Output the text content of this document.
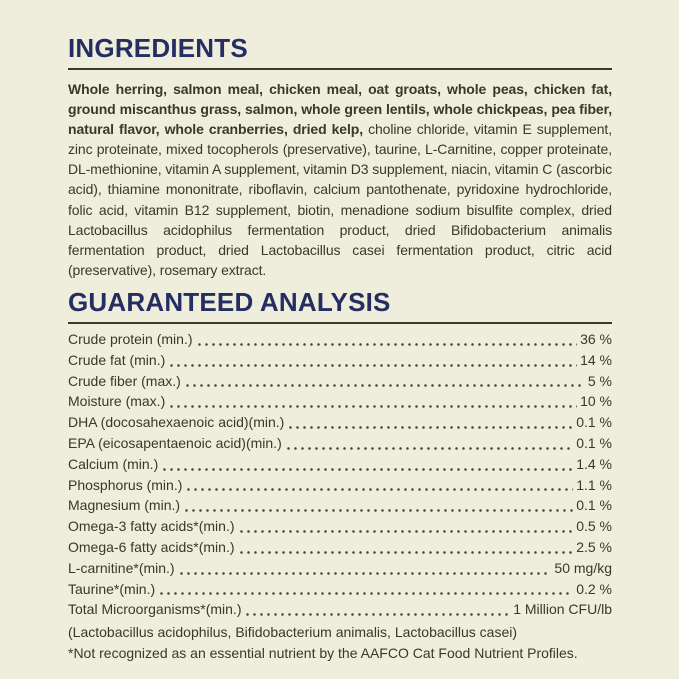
INGREDIENTS

Whole herring, salmon meal, chicken meal, oat groats, whole peas, chicken fat, ground miscanthus grass, salmon, whole green lentils, whole chickpeas, pea fiber, natural flavor, whole cranberries, dried kelp, choline chloride, vitamin E supplement, zinc proteinate, mixed tocopherols (preservative), taurine, L-Carnitine, copper proteinate, DL-methionine, vitamin A supplement, vitamin D3 supplement, niacin, vitamin C (ascorbic acid), thiamine mononitrate, riboflavin, calcium pantothenate, pyridoxine hydrochloride, folic acid, vitamin B12 supplement, biotin, menadione sodium bisulfite complex, dried Lactobacillus acidophilus fermentation product, dried Bifidobacterium animalis fermentation product, dried Lactobacillus casei fermentation product, citric acid (preservative), rosemary extract.

GUARANTEED ANALYSIS
Crude protein (min.)	36 %
Crude fat (min.)	14 %
Crude fiber (max.)	5 %
Moisture (max.)	10 %
DHA (docosahexaenoic acid)(min.)	0.1 %
EPA (eicosapentaenoic acid)(min.)	0.1 %
Calcium (min.)	1.4 %
Phosphorus (min.)	1.1 %
Magnesium (min.)	0.1 %
Omega-3 fatty acids*(min.)	0.5 %
Omega-6 fatty acids*(min.)	2.5 %
L-carnitine*(min.)	50 mg/kg
Taurine*(min.)	0.2 %
Total Microorganisms*(min.)	1 Million CFU/lb

(Lactobacillus acidophilus, Bifidobacterium animalis, Lactobacillus casei)

*Not recognized as an essential nutrient by the AAFCO Cat Food Nutrient Profiles.
